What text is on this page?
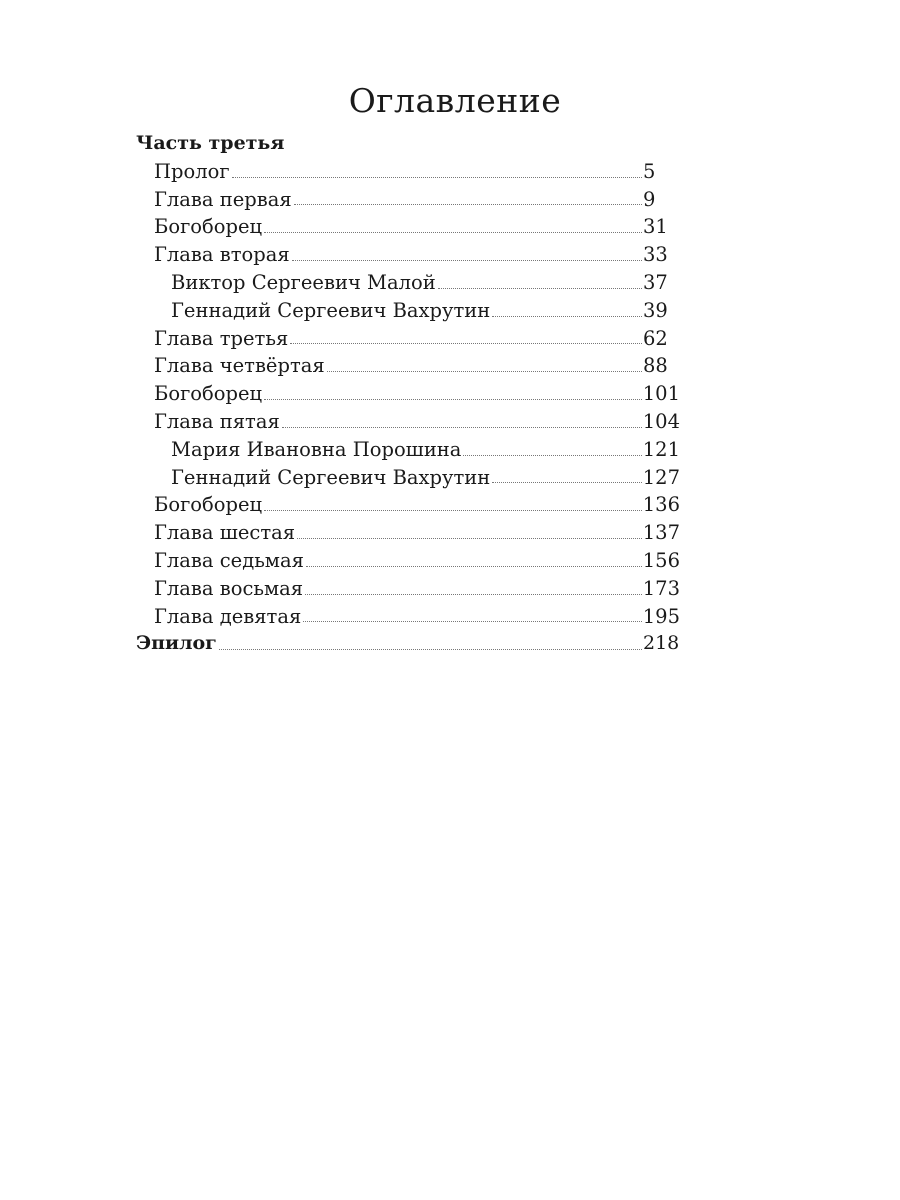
Оглавление
Часть третья
Пролог	5
Глава первая	9
Богоборец	31
Глава вторая	33
Виктор Сергеевич Малой	37
Геннадий Сергеевич Вахрутин	39
Глава третья	62
Глава четвёртая	88
Богоборец	101
Глава пятая	104
Мария Ивановна Порошина	121
Геннадий Сергеевич Вахрутин	127
Богоборец	136
Глава шестая	137
Глава седьмая	156
Глава восьмая	173
Глава девятая	195
Эпилог	218
